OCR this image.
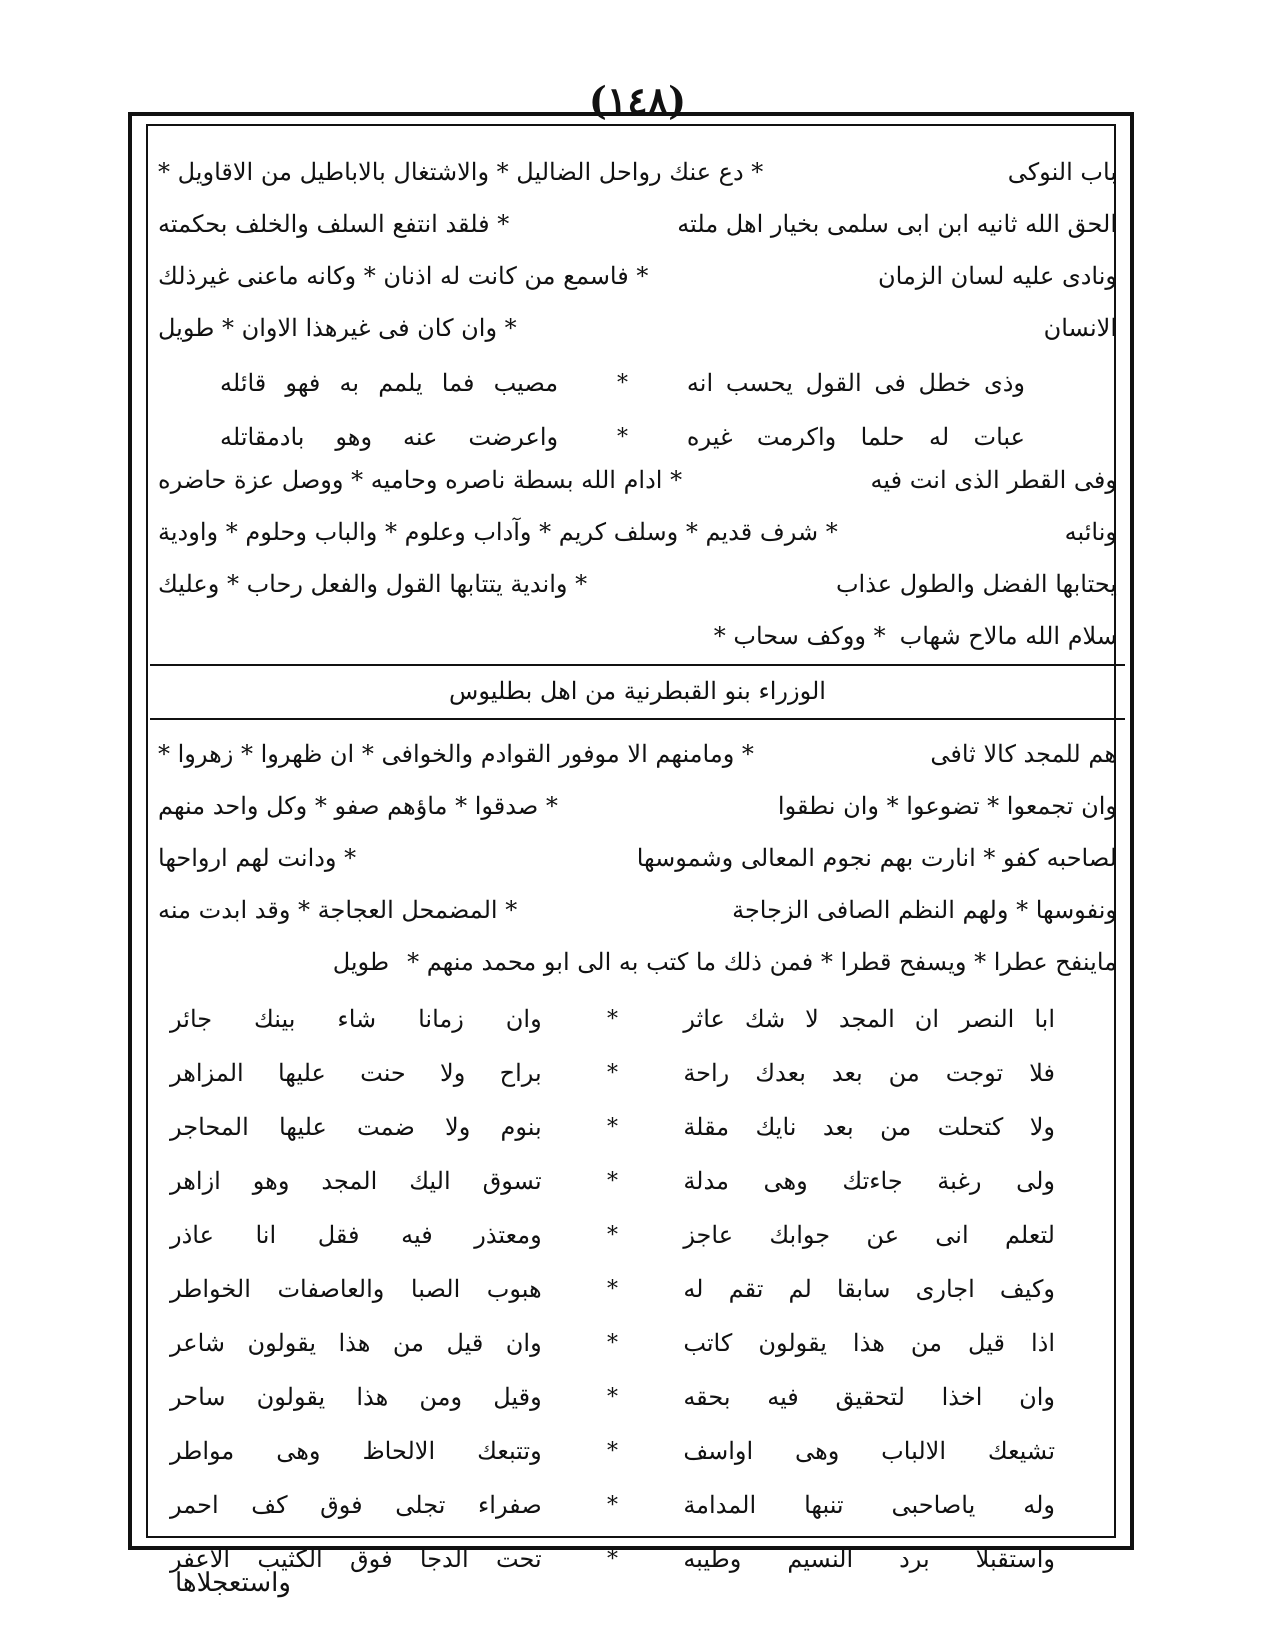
(١٤٨)
باب النوكى
* دع عنك رواحل الضاليل * والاشتغال بالاباطيل من الاقاويل *
الحق الله ثانيه ابن ابى سلمى بخيار اهل ملته
* فلقد انتفع السلف والخلف بحكمته
ونادى عليه لسان الزمان
* فاسمع من كانت له اذنان * وكانه ماعنى غيرذلك
الانسان
* وان كان فى غيرهذا الاوان * طويل
وذى خطل فى القول يحسب انه
*
مصيب فما يلمم به فهو قائله
عبات له حلما واكرمت غيره
*
واعرضت عنه وهو بادمقاتله
وفى القطر الذى انت فيه
* ادام الله بسطة ناصره وحاميه * ووصل عزة حاضره
ونائبه
* شرف قديم * وسلف كريم * وآداب وعلوم * والباب وحلوم * واودية
يحتابها الفضل والطول عذاب
* واندية يتتابها القول والفعل رحاب * وعليك
سلام الله مالاح شهاب
* ووكف سحاب *
الوزراء بنو القبطرنية من اهل بطليوس
هم للمجد كالا ثافى
* ومامنهم الا موفور القوادم والخوافى * ان ظهروا * زهروا *
وان تجمعوا * تضوعوا * وان نطقوا
* صدقوا * ماؤهم صفو * وكل واحد منهم
لصاحبه كفو * انارت بهم نجوم المعالى وشموسها
* ودانت لهم ارواحها
ونفوسها * ولهم النظم الصافى الزجاجة
* المضمحل العجاجة * وقد ابدت منه
ماينفح عطرا * ويسفح قطرا * فمن ذلك ما كتب به الى ابو محمد منهم *
طويل
ابا النصر ان المجد لا شك عاثر
*
وان زمانا شاء بينك جائر
فلا توجت من بعد بعدك راحة
*
براح ولا حنت عليها المزاهر
ولا كتحلت من بعد نايك مقلة
*
بنوم ولا ضمت عليها المحاجر
ولى رغبة جاءتك وهى مدلة
*
تسوق اليك المجد وهو ازاهر
لتعلم انى عن جوابك عاجز
*
ومعتذر فيه فقل انا عاذر
وكيف اجارى سابقا لم تقم له
*
هبوب الصبا والعاصفات الخواطر
اذا قيل من هذا يقولون كاتب
*
وان قيل من هذا يقولون شاعر
وان اخذا لتحقيق فيه بحقه
*
وقيل ومن هذا يقولون ساحر
تشيعك الالباب وهى اواسف
*
وتتبعك الالحاظ وهى مواطر
وله ياصاحبى تنبها المدامة
*
صفراء تجلى فوق كف احمر
واستقبلا برد النسيم وطيبه
*
تحت الدجا فوق الكثيب الاعفر
واستعجلاها
